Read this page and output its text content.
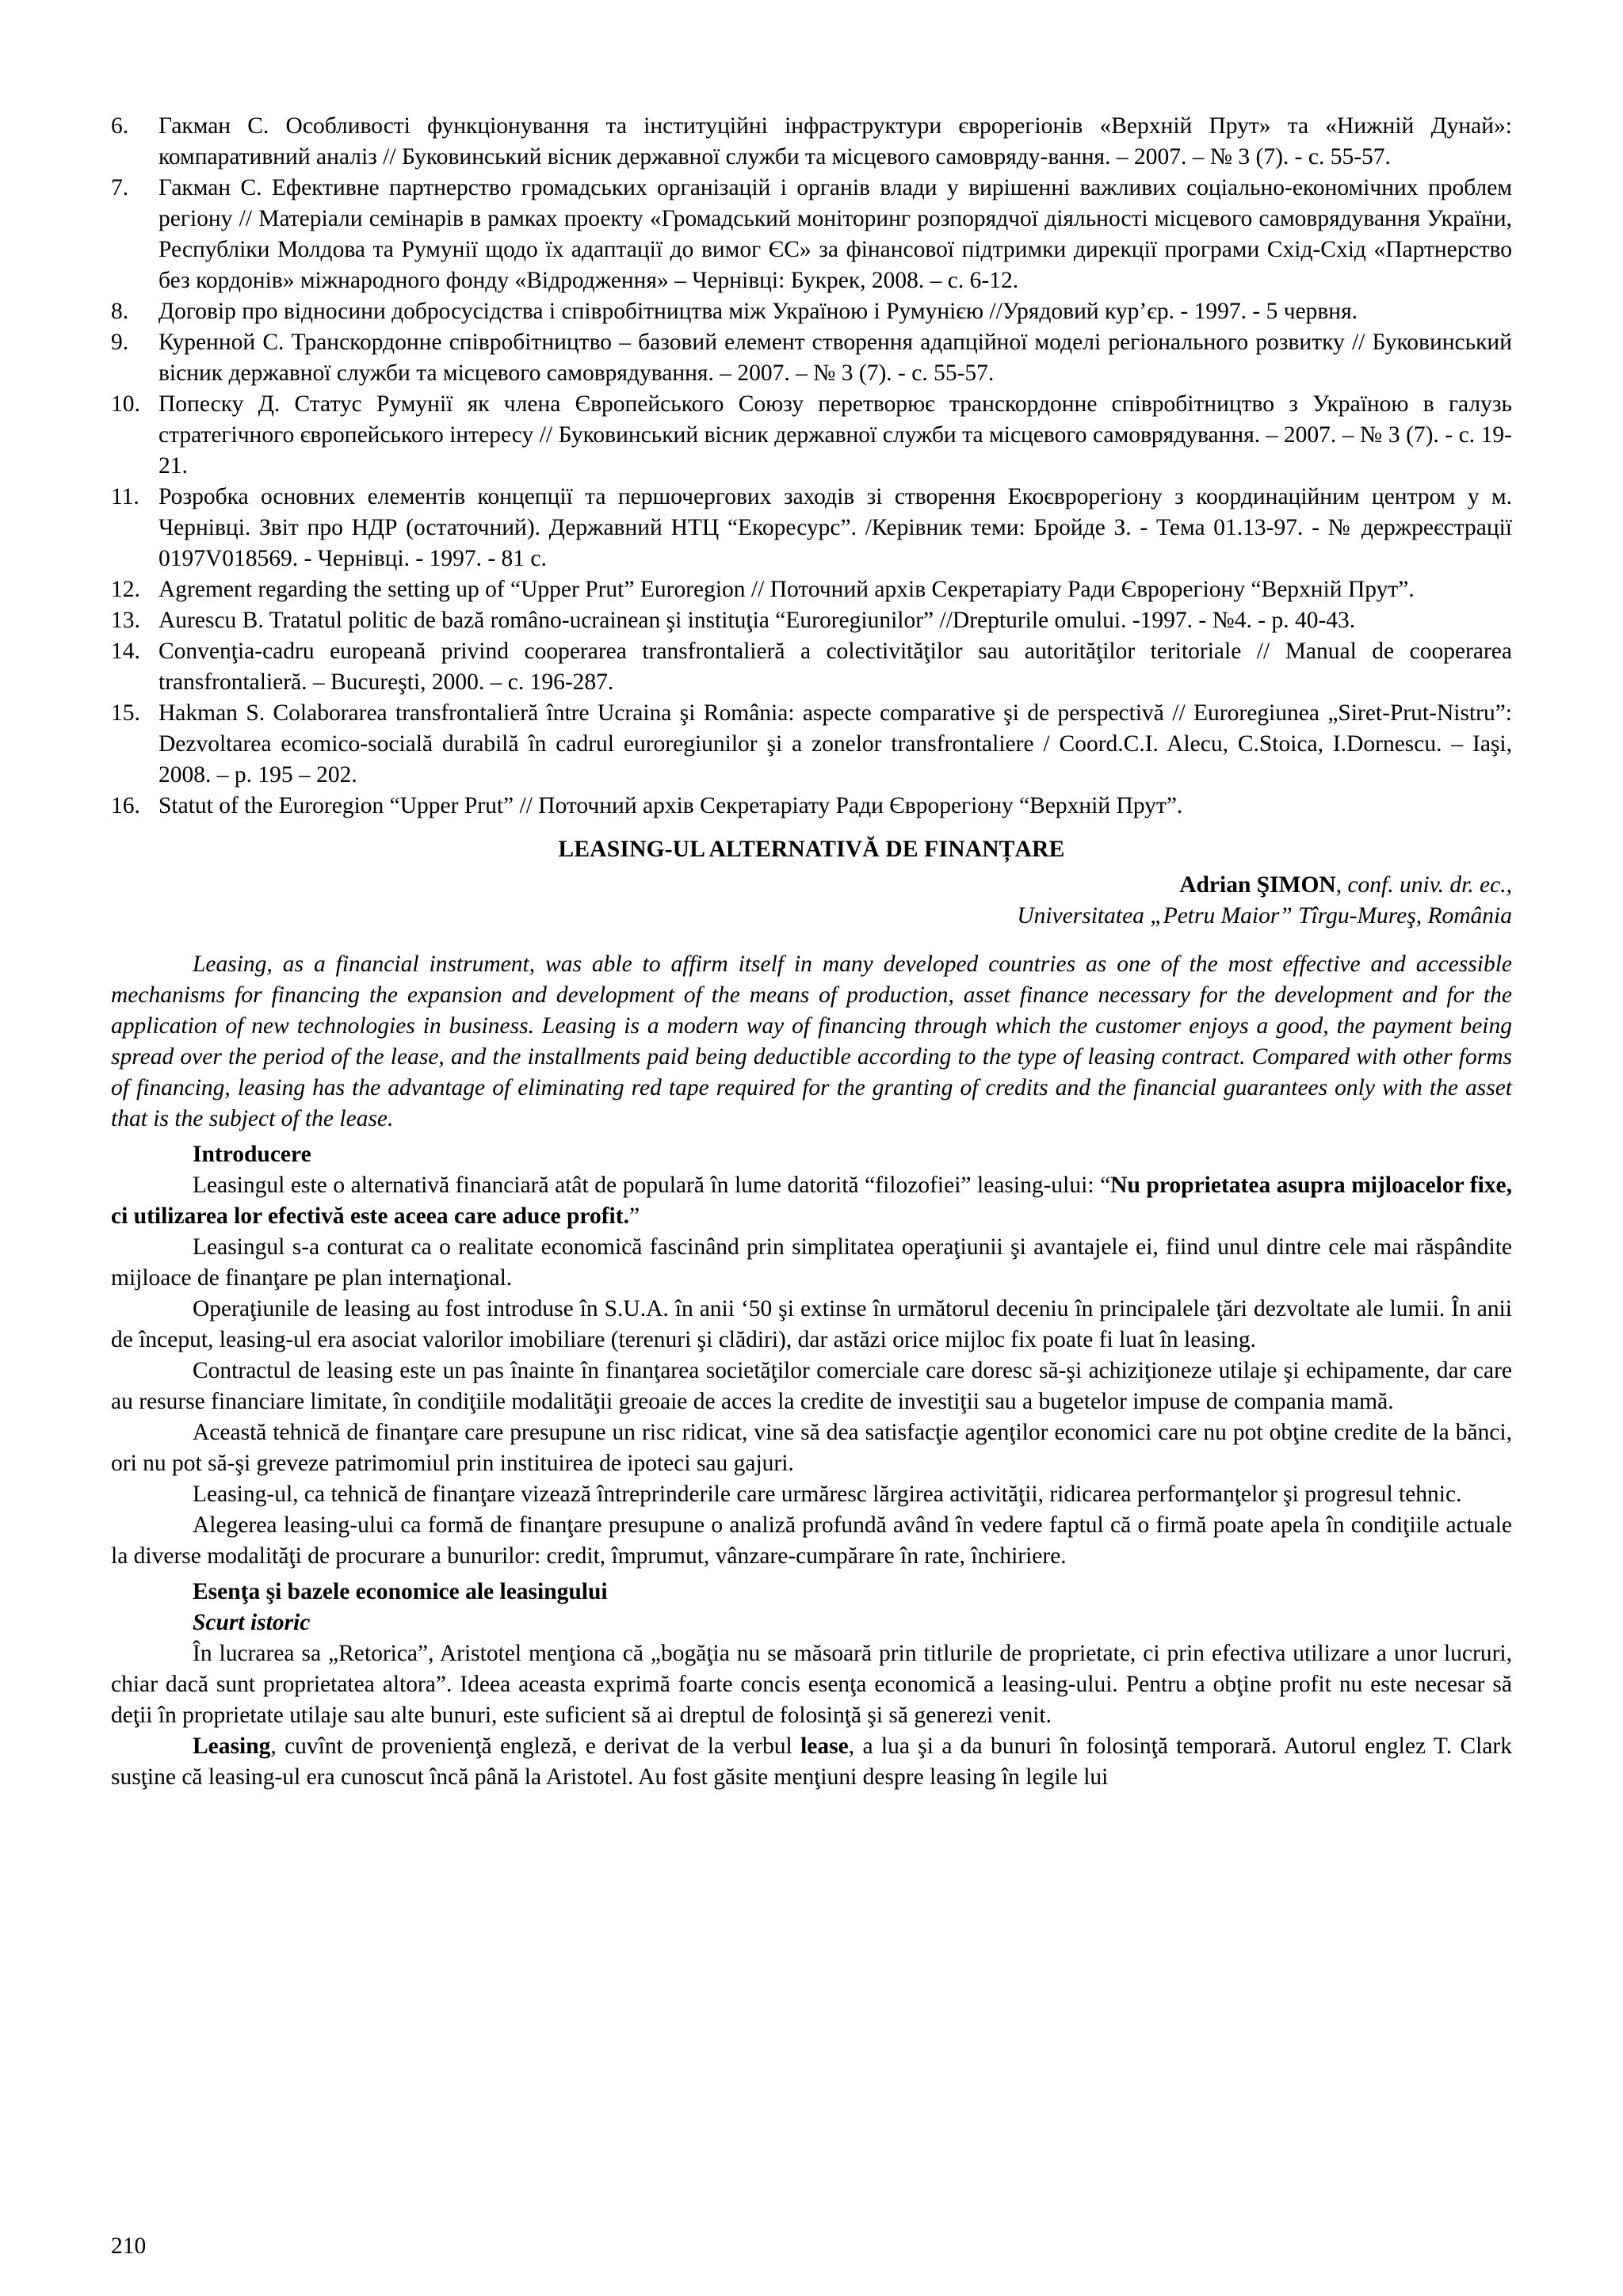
6.	Гакман С. Особливості функціонування та інституційні інфраструктури єврорегіонів «Верхній Прут» та «Нижній Дунай»: компаративний аналіз // Буковинський вісник державної служби та місцевого самовряду-вання. – 2007. – № 3 (7). - с. 55-57.
7.	Гакман С. Ефективне партнерство громадських організацій і органів влади у вирішенні важливих соціально-економічних проблем регіону // Матеріали семінарів в рамках проекту «Громадський моніторинг розпорядчої діяльності місцевого самоврядування України, Республіки Молдова та Румунії щодо їх адаптації до вимог ЄС» за фінансової підтримки дирекції програми Схід-Схід «Партнерство без кордонів» міжнародного фонду «Відродження» – Чернівці: Букрек, 2008. – с. 6-12.
8.	Договір про відносини добросусідства і співробітництва між Україною і Румунією //Урядовий кур’єр. - 1997. - 5 червня.
9.	Куренной С. Транскордонне співробітництво – базовий елемент створення адапційної моделі регіонального розвитку // Буковинський вісник державної служби та місцевого самоврядування. – 2007. – № 3 (7). - с. 55-57.
10. Попеску Д. Статус Румунії як члена Європейського Союзу перетворює транскордонне співробітництво з Україною в галузь стратегічного європейського інтересу // Буковинський вісник державної служби та місцевого самоврядування. – 2007. – № 3 (7). - с. 19-21.
11. Розробка основних елементів концепції та першочергових заходів зі створення Екоєврорегіону з координаційним центром у м. Чернівці. Звіт про НДР (остаточний). Державний НТЦ “Екоресурс”. /Керівник теми: Бройде З. - Тема 01.13-97. - № держреєстрації 0197V018569. - Чернівці. - 1997. - 81 с.
12. Agrement regarding the setting up of “Upper Prut” Euroregion // Поточний архів Секретаріату Ради Єврорегіону “Верхній Прут”.
13. Aurescu B. Tratatul politic de bază româno-ucrainean şi instituţia “Euroregiunilor” //Drepturile omului. -1997. - №4. - p. 40-43.
14. Convenţia-cadru europeană privind cooperarea transfrontalieră a colectivităţilor sau autorităţilor teritoriale // Manual de cooperarea transfrontalieră. – Bucureşti, 2000. – c. 196-287.
15. Hakman S. Colaborarea transfrontalieră între Ucraina şi România: aspecte comparative şi de perspectivă // Euroregiunea „Siret-Prut-Nistru”: Dezvoltarea ecomico-socială durabilă în cadrul euroregiunilor şi a zonelor transfrontaliere / Coord.C.I. Alecu, C.Stoica, I.Dornescu. – Iaşi, 2008. – p. 195 – 202.
16. Statut of the Euroregion “Upper Prut” // Поточний архів Секретаріату Ради Єврорегіону “Верхній Прут”.
LEASING-UL ALTERNATIVĂ DE FINANȚARE
Adrian ŞIMON, conf. univ. dr. ec.,
Universitatea „Petru Maior” Tîrgu-Mureş, România

Leasing, as a financial instrument, was able to affirm itself in many developed countries as one of the most effective and accessible mechanisms for financing the expansion and development of the means of production, asset finance necessary for the development and for the application of new technologies in business. Leasing is a modern way of financing through which the customer enjoys a good, the payment being spread over the period of the lease, and the installments paid being deductible according to the type of leasing contract. Compared with other forms of financing, leasing has the advantage of eliminating red tape required for the granting of credits and the financial guarantees only with the asset that is the subject of the lease.

Introducere

Leasingul este o alternativă financiară atât de populară în lume datorită “filozofiei” leasing-ului: “Nu proprietatea asupra mijloacelor fixe, ci utilizarea lor efectivă este aceea care aduce profit.”

Leasingul s-a conturat ca o realitate economică fascinând prin simplitatea operaţiunii şi avantajele ei, fiind unul dintre cele mai răspândite mijloace de finanţare pe plan internaţional.

Operaţiunile de leasing au fost introduse în S.U.A. în anii ‘50 şi extinse în următorul deceniu în principalele ţări dezvoltate ale lumii. În anii de început, leasing-ul era asociat valorilor imobiliare (terenuri şi clădiri), dar astăzi orice mijloc fix poate fi luat în leasing.

Contractul de leasing este un pas înainte în finanţarea societăţilor comerciale care doresc să-şi achiziţioneze utilaje şi echipamente, dar care au resurse financiare limitate, în condiţiile modalităţii greoaie de acces la credite de investiţii sau a bugetelor impuse de compania mamă.

Această tehnică de finanţare care presupune un risc ridicat, vine să dea satisfacţie agenţilor economici care nu pot obţine credite de la bănci, ori nu pot să-şi greveze patrimomiul prin instituirea de ipoteci sau gajuri.

Leasing-ul, ca tehnică de finanţare vizează întreprinderile care urmăresc lărgirea activităţii, ridicarea performanţelor şi progresul tehnic.

Alegerea leasing-ului ca formă de finanţare presupune o analiză profundă având în vedere faptul că o firmă poate apela în condiţiile actuale la diverse modalităţi de procurare a bunurilor: credit, împrumut, vânzare-cumpărare în rate, închiriere.

Esenţa şi bazele economice ale leasingului
Scurt istoric

În lucrarea sa „Retorica”, Aristotel menţiona că „bogăţia nu se măsoară prin titlurile de proprietate, ci prin efectiva utilizare a unor lucruri, chiar dacă sunt proprietatea altora”. Ideea aceasta exprimă foarte concis esenţa economică a leasing-ului. Pentru a obţine profit nu este necesar să deţii în proprietate utilaje sau alte bunuri, este suficient să ai dreptul de folosinţă şi să generezi venit.

Leasing, cuvînt de provenienţă engleză, e derivat de la verbul lease, a lua şi a da bunuri în folosinţă temporară. Autorul englez T. Clark susţine că leasing-ul era cunoscut încă până la Aristotel. Au fost găsite menţiuni despre leasing în legile lui

210
